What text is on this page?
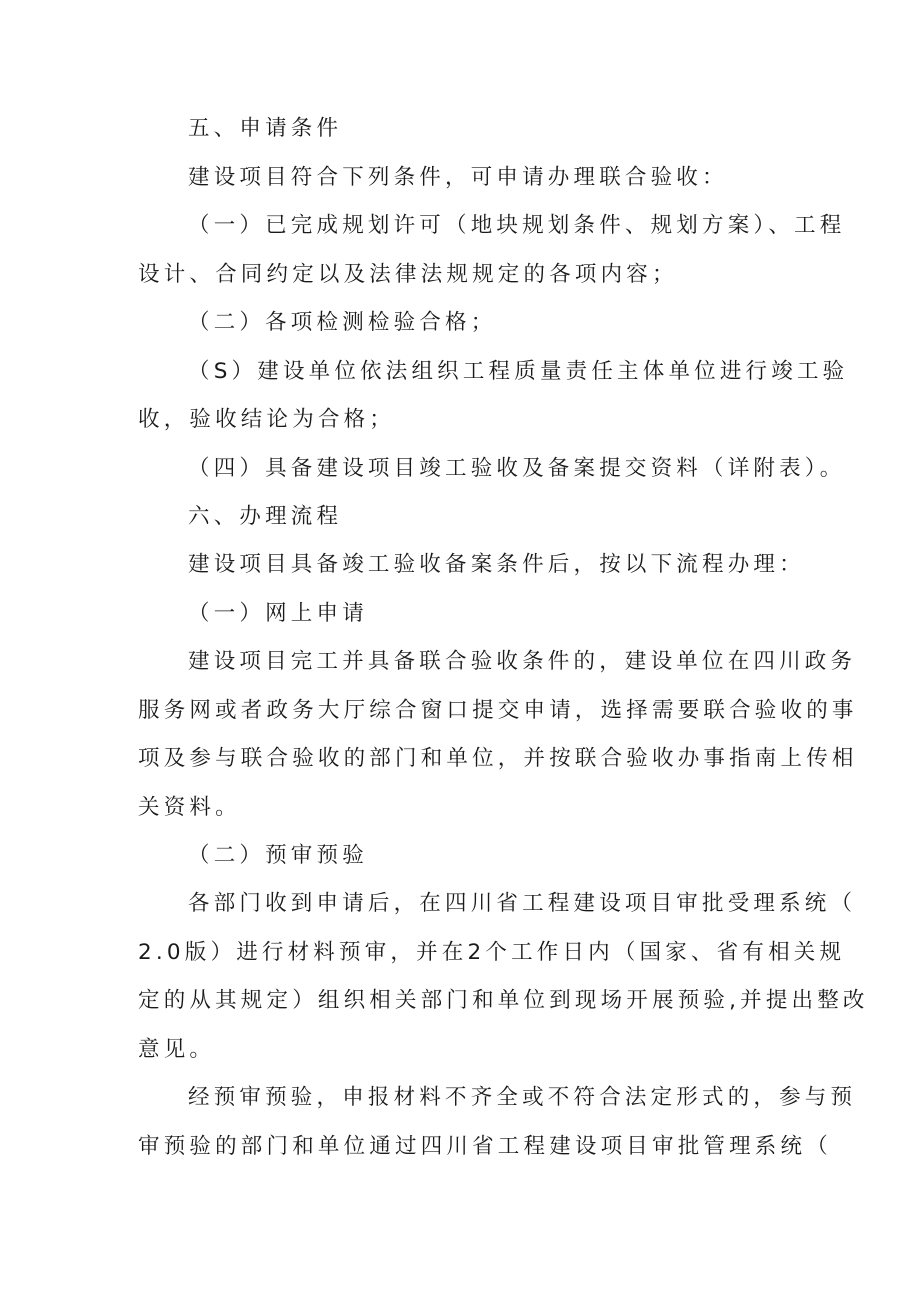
五、申请条件
建设项目符合下列条件，可申请办理联合验收：
（一）已完成规划许可（地块规划条件、规划方案）、工程
设计、合同约定以及法律法规规定的各项内容；
（二）各项检测检验合格；
（S）建设单位依法组织工程质量责任主体单位进行竣工验
收，验收结论为合格；
（四）具备建设项目竣工验收及备案提交资料（详附表）。
六、办理流程
建设项目具备竣工验收备案条件后，按以下流程办理：
（一）网上申请
建设项目完工并具备联合验收条件的，建设单位在四川政务
服务网或者政务大厅综合窗口提交申请，选择需要联合验收的事
项及参与联合验收的部门和单位，并按联合验收办事指南上传相
关资料。
（二）预审预验
各部门收到申请后，在四川省工程建设项目审批受理系统（
2.0版）进行材料预审，并在2个工作日内（国家、省有相关规
定的从其规定）组织相关部门和单位到现场开展预验,并提出整改
意见。
经预审预验，申报材料不齐全或不符合法定形式的，参与预
审预验的部门和单位通过四川省工程建设项目审批管理系统（
